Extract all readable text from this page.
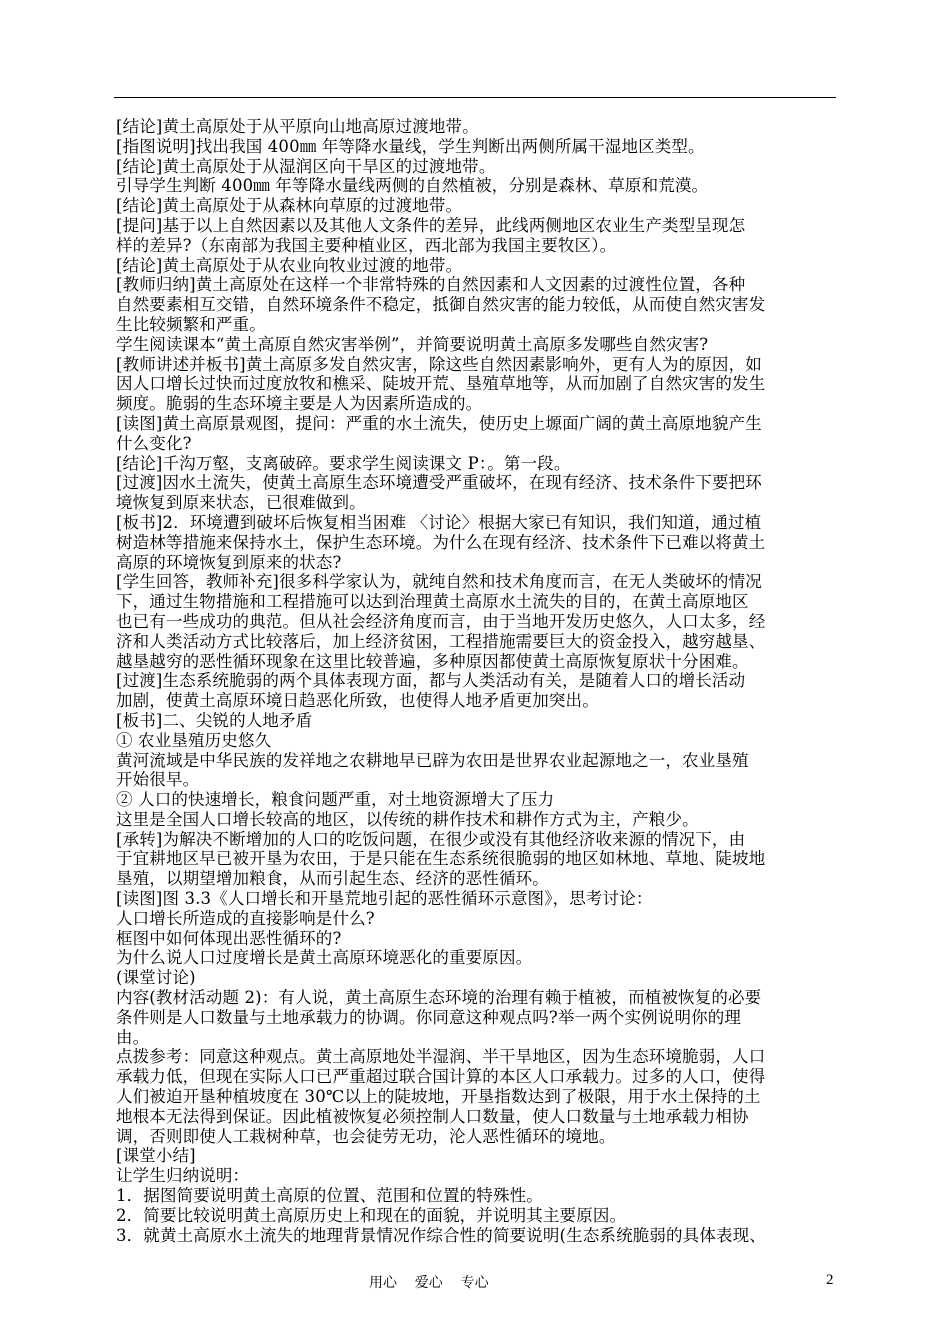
[结论]黄土高原处于从平原向山地高原过渡地带。
[指图说明]找出我国 400㎜ 年等降水量线，学生判断出两侧所属干湿地区类型。
[结论]黄土高原处于从湿润区向干旱区的过渡地带。
引导学生判断 400㎜ 年等降水量线两侧的自然植被，分别是森林、草原和荒漠。
[结论]黄土高原处于从森林向草原的过渡地带。
[提问]基于以上自然因素以及其他人文条件的差异，此线两侧地区农业生产类型呈现怎
样的差异?（东南部为我国主要种植业区，西北部为我国主要牧区）。
[结论]黄土高原处于从农业向牧业过渡的地带。
[教师归纳]黄土高原处在这样一个非常特殊的自然因素和人文因素的过渡性位置，各种
自然要素相互交错，自然环境条件不稳定，抵御自然灾害的能力较低，从而使自然灾害发
生比较频繁和严重。
学生阅读课本“黄土高原自然灾害举例”，并简要说明黄土高原多发哪些自然灾害?
[教师讲述并板书]黄土高原多发自然灾害，除这些自然因素影响外，更有人为的原因，如
因人口增长过快而过度放牧和樵采、陡坡开荒、垦殖草地等，从而加剧了自然灾害的发生
频度。脆弱的生态环境主要是人为因素所造成的。
[读图]黄土高原景观图，提问：严重的水土流失，使历史上塬面广阔的黄土高原地貌产生
什么变化?
[结论]千沟万壑，支离破碎。要求学生阅读课文 P：。第一段。
[过渡]因水土流失，使黄土高原生态环境遭受严重破坏，在现有经济、技术条件下要把环
境恢复到原来状态，已很难做到。
[板书]2．环境遭到破坏后恢复相当困难 〈讨论〉根据大家已有知识，我们知道，通过植
树造林等措施来保持水土，保护生态环境。为什么在现有经济、技术条件下已难以将黄土
高原的环境恢复到原来的状态?
[学生回答，教师补充]很多科学家认为，就纯自然和技术角度而言，在无人类破坏的情况
下，通过生物措施和工程措施可以达到治理黄土高原水土流失的目的，在黄土高原地区
也已有一些成功的典范。但从社会经济角度而言，由于当地开发历史悠久，人口太多，经
济和人类活动方式比较落后，加上经济贫困，工程措施需要巨大的资金投入，越穷越垦、
越垦越穷的恶性循环现象在这里比较普遍，多种原因都使黄土高原恢复原状十分困难。
[过渡]生态系统脆弱的两个具体表现方面，都与人类活动有关，是随着人口的增长活动
加剧，使黄土高原环境日趋恶化所致，也使得人地矛盾更加突出。
[板书]二、尖锐的人地矛盾
① 农业垦殖历史悠久
黄河流域是中华民族的发祥地之农耕地早已辟为农田是世界农业起源地之一，农业垦殖
开始很早。
② 人口的快速增长，粮食问题严重，对土地资源增大了压力
这里是全国人口增长较高的地区，以传统的耕作技术和耕作方式为主，产粮少。
[承转]为解决不断增加的人口的吃饭问题，在很少或没有其他经济收来源的情况下，由
于宜耕地区早已被开垦为农田，于是只能在生态系统很脆弱的地区如林地、草地、陡坡地
垦殖，以期望增加粮食，从而引起生态、经济的恶性循环。
[读图]图 3.3《人口增长和开垦荒地引起的恶性循环示意图》，思考讨论：
人口增长所造成的直接影响是什么?
框图中如何体现出恶性循环的?
为什么说人口过度增长是黄土高原环境恶化的重要原因。
(课堂讨论)
内容(教材活动题 2)：有人说，黄土高原生态环境的治理有赖于植被，而植被恢复的必要
条件则是人口数量与土地承载力的协调。你同意这种观点吗?举一两个实例说明你的理
由。
点拨参考：同意这种观点。黄土高原地处半湿润、半干旱地区，因为生态环境脆弱，人口
承载力低，但现在实际人口已严重超过联合国计算的本区人口承载力。过多的人口，使得
人们被迫开垦种植坡度在 30℃以上的陡坡地，开垦指数达到了极限，用于水土保持的土
地根本无法得到保证。因此植被恢复必须控制人口数量，使人口数量与土地承载力相协
调，否则即使人工栽树种草，也会徒劳无功，沦人恶性循环的境地。
[课堂小结]
让学生归纳说明：
1．据图简要说明黄土高原的位置、范围和位置的特殊性。
2．简要比较说明黄土高原历史上和现在的面貌，并说明其主要原因。
3．就黄土高原水土流失的地理背景情况作综合性的简要说明(生态系统脆弱的具体表现、
用心    爱心    专心	2
